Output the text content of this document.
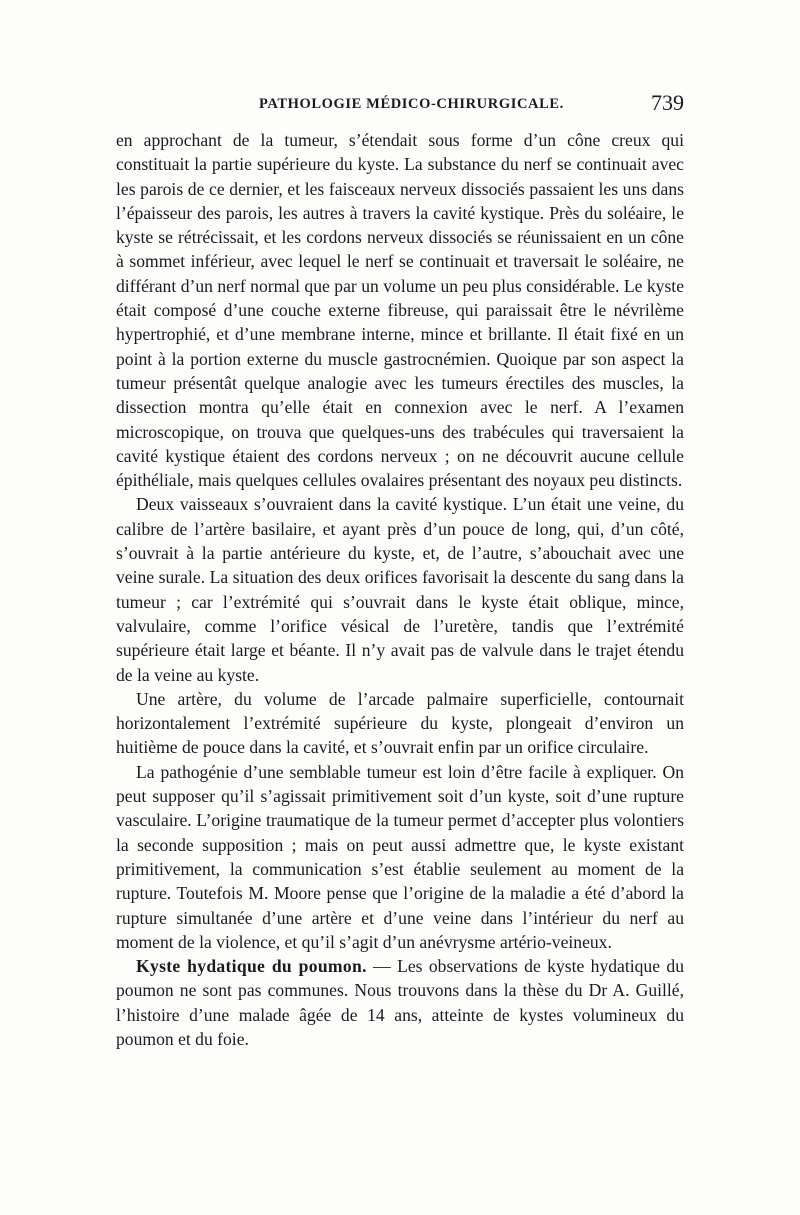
PATHOLOGIE MÉDICO-CHIRURGICALE.	739

en approchant de la tumeur, s’étendait sous forme d’un cône creux qui constituait la partie supérieure du kyste. La substance du nerf se continuait avec les parois de ce dernier, et les faisceaux nerveux dissociés passaient les uns dans l’épaisseur des parois, les autres à travers la cavité kystique. Près du soléaire, le kyste se rétrécissait, et les cordons nerveux dissociés se réunissaient en un cône à sommet inférieur, avec lequel le nerf se continuait et traversait le soléaire, ne différant d’un nerf normal que par un volume un peu plus considérable. Le kyste était composé d’une couche externe fibreuse, qui paraissait être le névrilème hypertrophié, et d’une membrane interne, mince et brillante. Il était fixé en un point à la portion externe du muscle gastrocnémien. Quoique par son aspect la tumeur présentât quelque analogie avec les tumeurs érectiles des muscles, la dissection montra qu’elle était en connexion avec le nerf. A l’examen microscopique, on trouva que quelques-uns des trabécules qui traversaient la cavité kystique étaient des cordons nerveux ; on ne découvrit aucune cellule épithéliale, mais quelques cellules ovalaires présentant des noyaux peu distincts.

Deux vaisseaux s’ouvraient dans la cavité kystique. L’un était une veine, du calibre de l’artère basilaire, et ayant près d’un pouce de long, qui, d’un côté, s’ouvrait à la partie antérieure du kyste, et, de l’autre, s’abouchait avec une veine surale. La situation des deux orifices favorisait la descente du sang dans la tumeur ; car l’extrémité qui s’ouvrait dans le kyste était oblique, mince, valvulaire, comme l’orifice vésical de l’uretère, tandis que l’extrémité supérieure était large et béante. Il n’y avait pas de valvule dans le trajet étendu de la veine au kyste.

Une artère, du volume de l’arcade palmaire superficielle, contournait horizontalement l’extrémité supérieure du kyste, plongeait d’environ un huitième de pouce dans la cavité, et s’ouvrait enfin par un orifice circulaire.

La pathogénie d’une semblable tumeur est loin d’être facile à expliquer. On peut supposer qu’il s’agissait primitivement soit d’un kyste, soit d’une rupture vasculaire. L’origine traumatique de la tumeur permet d’accepter plus volontiers la seconde supposition ; mais on peut aussi admettre que, le kyste existant primitivement, la communication s’est établie seulement au moment de la rupture. Toutefois M. Moore pense que l’origine de la maladie a été d’abord la rupture simultanée d’une artère et d’une veine dans l’intérieur du nerf au moment de la violence, et qu’il s’agit d’un anévrysme artério-veineux.

Kyste hydatique du poumon. — Les observations de kyste hydatique du poumon ne sont pas communes. Nous trouvons dans la thèse du Dr A. Guillé, l’histoire d’une malade âgée de 14 ans, atteinte de kystes volumineux du poumon et du foie.
